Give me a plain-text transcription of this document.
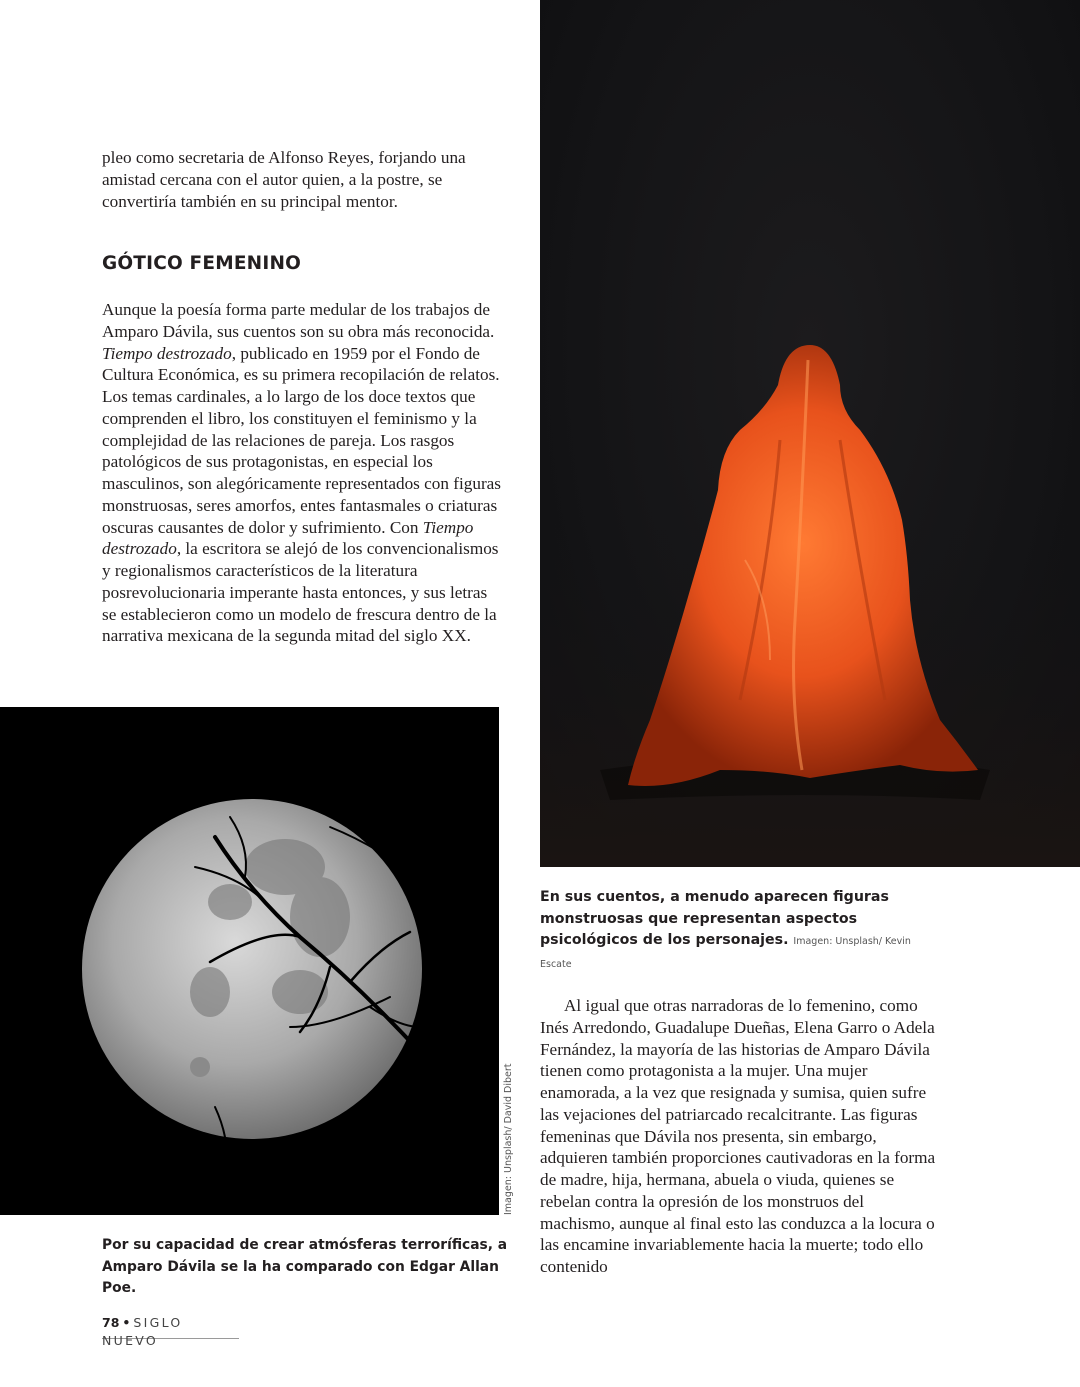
pleo como secretaria de Alfonso Reyes, forjando una amistad cercana con el autor quien, a la postre, se convertiría también en su principal mentor.

GÓTICO FEMENINO

Aunque la poesía forma parte medular de los trabajos de Amparo Dávila, sus cuentos son su obra más reconocida. Tiempo destrozado, publicado en 1959 por el Fondo de Cultura Económica, es su primera recopilación de relatos. Los temas cardinales, a lo largo de los doce textos que comprenden el libro, los constituyen el feminismo y la complejidad de las relaciones de pareja. Los rasgos patológicos de sus protagonistas, en especial los masculinos, son alegóricamente representados con figuras monstruosas, seres amorfos, entes fantasmales o criaturas oscuras causantes de dolor y sufrimiento. Con Tiempo destrozado, la escritora se alejó de los convencionalismos y regionalismos característicos de la literatura posrevolucionaria imperante hasta entonces, y sus letras se establecieron como un modelo de frescura dentro de la narrativa mexicana de la segunda mitad del siglo XX.

En sus cuentos, a menudo aparecen figuras monstruosas que representan aspectos psicológicos de los personajes. Imagen: Unsplash/ Kevin Escate

Imagen: Unsplash/ David Dibert

Por su capacidad de crear atmósferas terroríficas, a Amparo Dávila se la ha comparado con Edgar Allan Poe.

Al igual que otras narradoras de lo femenino, como Inés Arredondo, Guadalupe Dueñas, Elena Garro o Adela Fernández, la mayoría de las historias de Amparo Dávila tienen como protagonista a la mujer. Una mujer enamorada, a la vez que resignada y sumisa, quien sufre las vejaciones del patriarcado recalcitrante. Las figuras femeninas que Dávila nos presenta, sin embargo, adquieren también proporciones cautivadoras en la forma de madre, hija, hermana, abuela o viuda, quienes se rebelan contra la opresión de los monstruos del machismo, aunque al final esto las conduzca a la locura o las encamine invariablemente hacia la muerte; todo ello contenido

78 • SIGLO NUEVO
